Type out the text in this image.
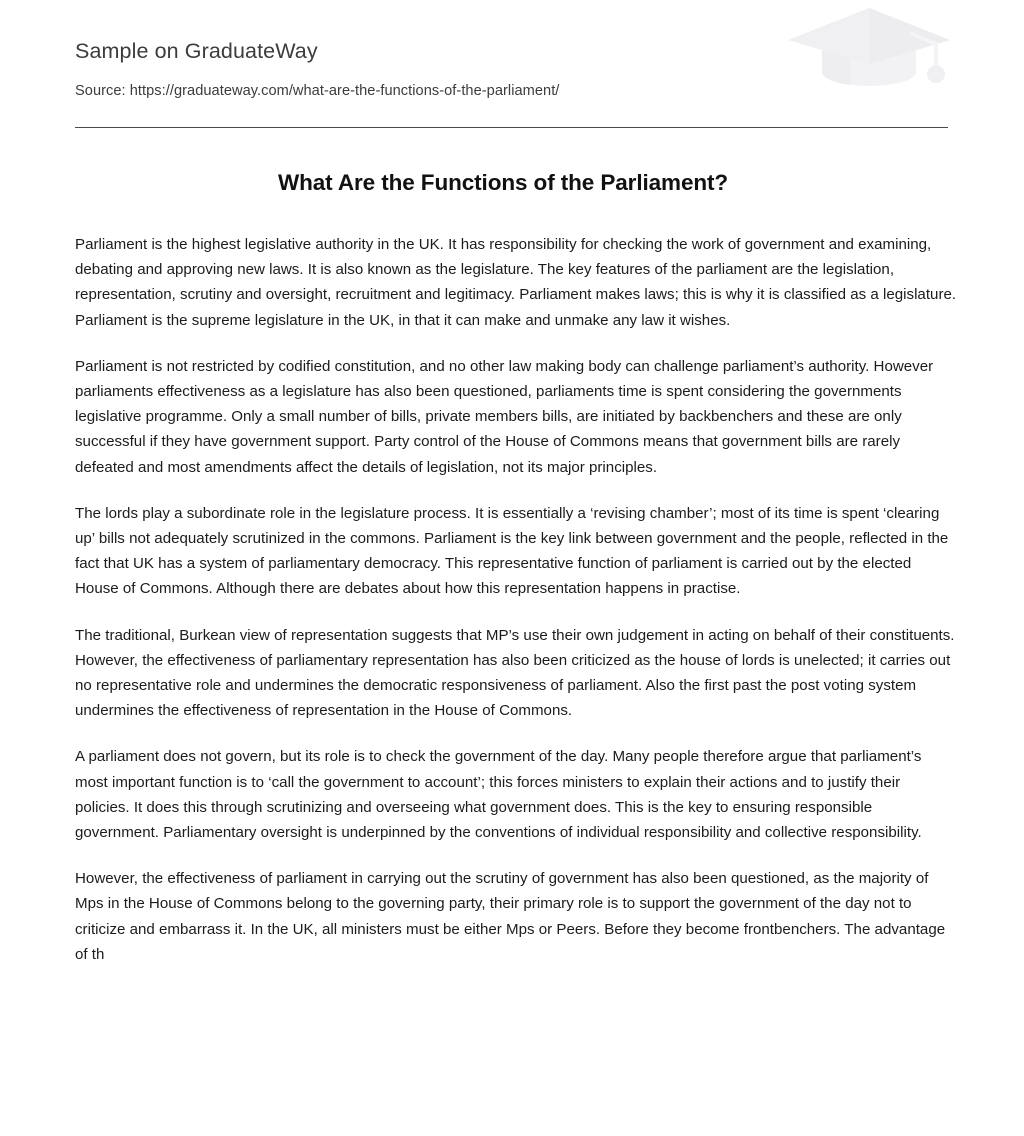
Sample on GraduateWay
Source: https://graduateway.com/what-are-the-functions-of-the-parliament/
What Are the Functions of the Parliament?

Parliament is the highest legislative authority in the UK. It has responsibility for checking the work of government and examining, debating and approving new laws. It is also known as the legislature. The key features of the parliament are the legislation, representation, scrutiny and oversight, recruitment and legitimacy. Parliament makes laws; this is why it is classified as a legislature. Parliament is the supreme legislature in the UK, in that it can make and unmake any law it wishes.

Parliament is not restricted by codified constitution, and no other law making body can challenge parliament’s authority. However parliaments effectiveness as a legislature has also been questioned, parliaments time is spent considering the governments legislative programme. Only a small number of bills, private members bills, are initiated by backbenchers and these are only successful if they have government support. Party control of the House of Commons means that government bills are rarely defeated and most amendments affect the details of legislation, not its major principles.

The lords play a subordinate role in the legislature process. It is essentially a ‘revising chamber’; most of its time is spent ‘clearing up’ bills not adequately scrutinized in the commons. Parliament is the key link between government and the people, reflected in the fact that UK has a system of parliamentary democracy. This representative function of parliament is carried out by the elected House of Commons. Although there are debates about how this representation happens in practise.

The traditional, Burkean view of representation suggests that MP’s use their own judgement in acting on behalf of their constituents. However, the effectiveness of parliamentary representation has also been criticized as the house of lords is unelected; it carries out no representative role and undermines the democratic responsiveness of parliament. Also the first past the post voting system undermines the effectiveness of representation in the House of Commons.

A parliament does not govern, but its role is to check the government of the day. Many people therefore argue that parliament’s most important function is to ‘call the government to account’; this forces ministers to explain their actions and to justify their policies. It does this through scrutinizing and overseeing what government does. This is the key to ensuring responsible government. Parliamentary oversight is underpinned by the conventions of individual responsibility and collective responsibility.

However, the effectiveness of parliament in carrying out the scrutiny of government has also been questioned, as the majority of Mps in the House of Commons belong to the governing party, their primary role is to support the government of the day not to criticize and embarrass it. In the UK, all ministers must be either Mps or Peers. Before they become frontbenchers. The advantage of th
